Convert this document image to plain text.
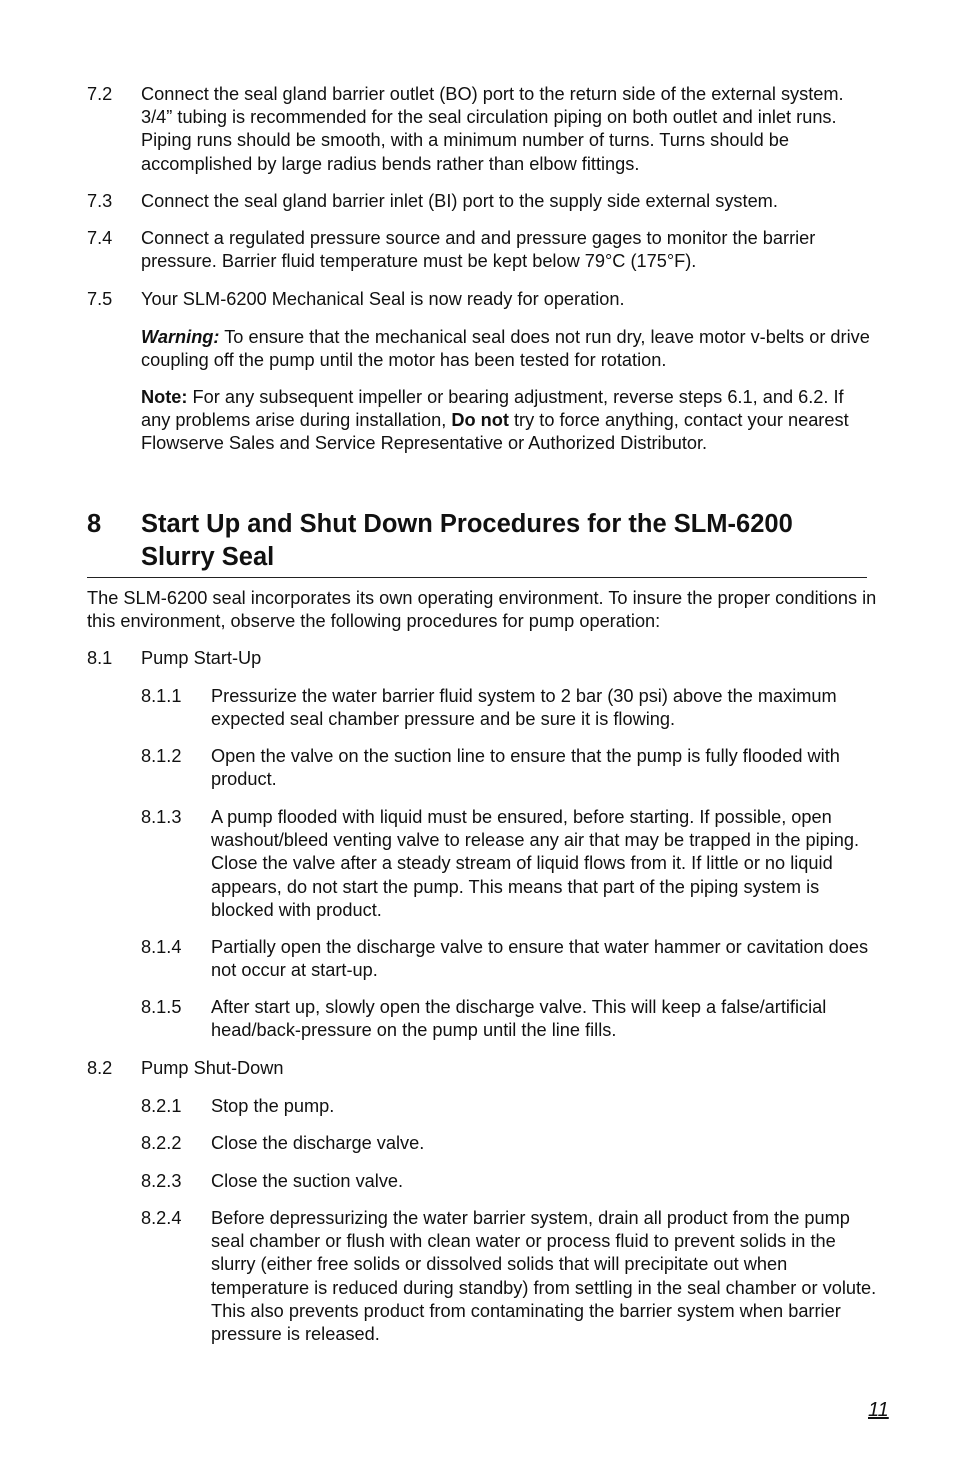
7.2 Connect the seal gland barrier outlet (BO) port to the return side of the external system. 3/4” tubing is recommended for the seal circulation piping on both outlet and inlet runs. Piping runs should be smooth, with a minimum number of turns. Turns should be accomplished by large radius bends rather than elbow fittings.
7.3 Connect the seal gland barrier inlet (BI) port to the supply side external system.
7.4 Connect a regulated pressure source and and pressure gages to monitor the barrier pressure. Barrier fluid temperature must be kept below 79°C (175°F).
7.5 Your SLM-6200 Mechanical Seal is now ready for operation.
Warning: To ensure that the mechanical seal does not run dry, leave motor v-belts or drive coupling off the pump until the motor has been tested for rotation.
Note: For any subsequent impeller or bearing adjustment, reverse steps 6.1, and 6.2. If any problems arise during installation, Do not try to force anything, contact your nearest Flowserve Sales and Service Representative or Authorized Distributor.
8	Start Up and Shut Down Procedures for the SLM-6200 Slurry Seal
The SLM-6200 seal incorporates its own operating environment. To insure the proper conditions in this environment, observe the following procedures for pump operation:
8.1 Pump Start-Up
8.1.1 Pressurize the water barrier fluid system to 2 bar (30 psi) above the maximum expected seal chamber pressure and be sure it is flowing.
8.1.2 Open the valve on the suction line to ensure that the pump is fully flooded with product.
8.1.3 A pump flooded with liquid must be ensured, before starting. If possible, open washout/bleed venting valve to release any air that may be trapped in the piping. Close the valve after a steady stream of liquid flows from it. If little or no liquid appears, do not start the pump. This means that part of the piping system is blocked with product.
8.1.4 Partially open the discharge valve to ensure that water hammer or cavitation does not occur at start-up.
8.1.5 After start up, slowly open the discharge valve. This will keep a false/artificial head/back-pressure on the pump until the line fills.
8.2 Pump Shut-Down
8.2.1 Stop the pump.
8.2.2 Close the discharge valve.
8.2.3 Close the suction valve.
8.2.4 Before depressurizing the water barrier system, drain all product from the pump seal chamber or flush with clean water or process fluid to prevent solids in the slurry (either free solids or dissolved solids that will precipitate out when temperature is reduced during standby) from settling in the seal chamber or volute. This also prevents product from contaminating the barrier system when barrier pressure is released.
11
